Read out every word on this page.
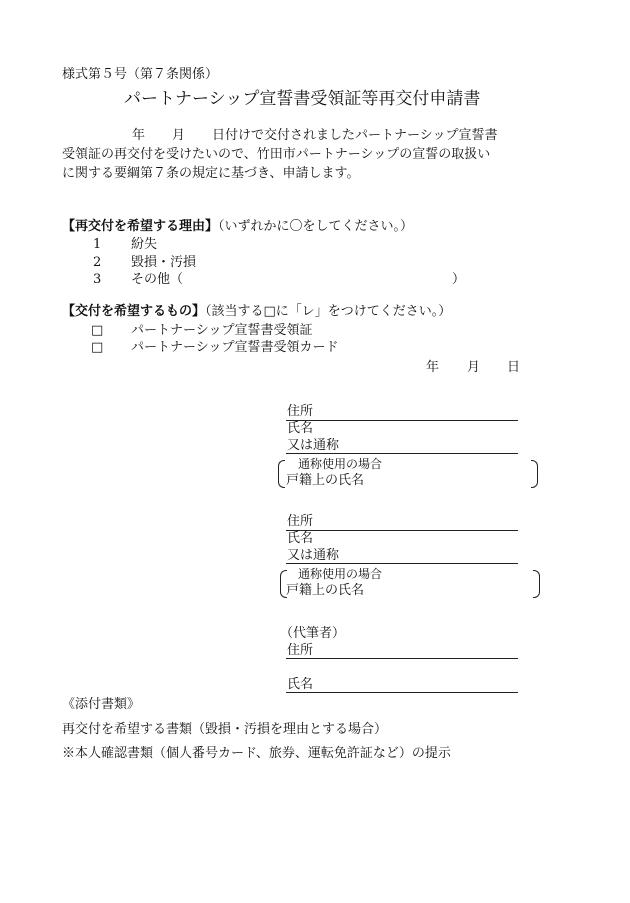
様式第５号（第７条関係）
パートナーシップ宣誓書受領証等再交付申請書
年 月 日付けで交付されましたパートナーシップ宣誓書
受領証の再交付を受けたいので、竹田市パートナーシップの宣誓の取扱い
に関する要綱第７条の規定に基づき、申請します。
【再交付を希望する理由】（いずれかに〇をしてください。）
1 紛失
2 毀損・汚損
3 その他（	）
【交付を希望するもの】（該当する□に「レ」をつけてください。）
□ パートナーシップ宣誓書受領証
□ パートナーシップ宣誓書受領カード
年 月 日
住所
氏名
又は通称
通称使用の場合
戸籍上の氏名
住所
氏名
又は通称
通称使用の場合
戸籍上の氏名
（代筆者）
住所
氏名
《添付書類》
再交付を希望する書類（毀損・汚損を理由とする場合）
※本人確認書類（個人番号カード、旅券、運転免許証など）の提示
